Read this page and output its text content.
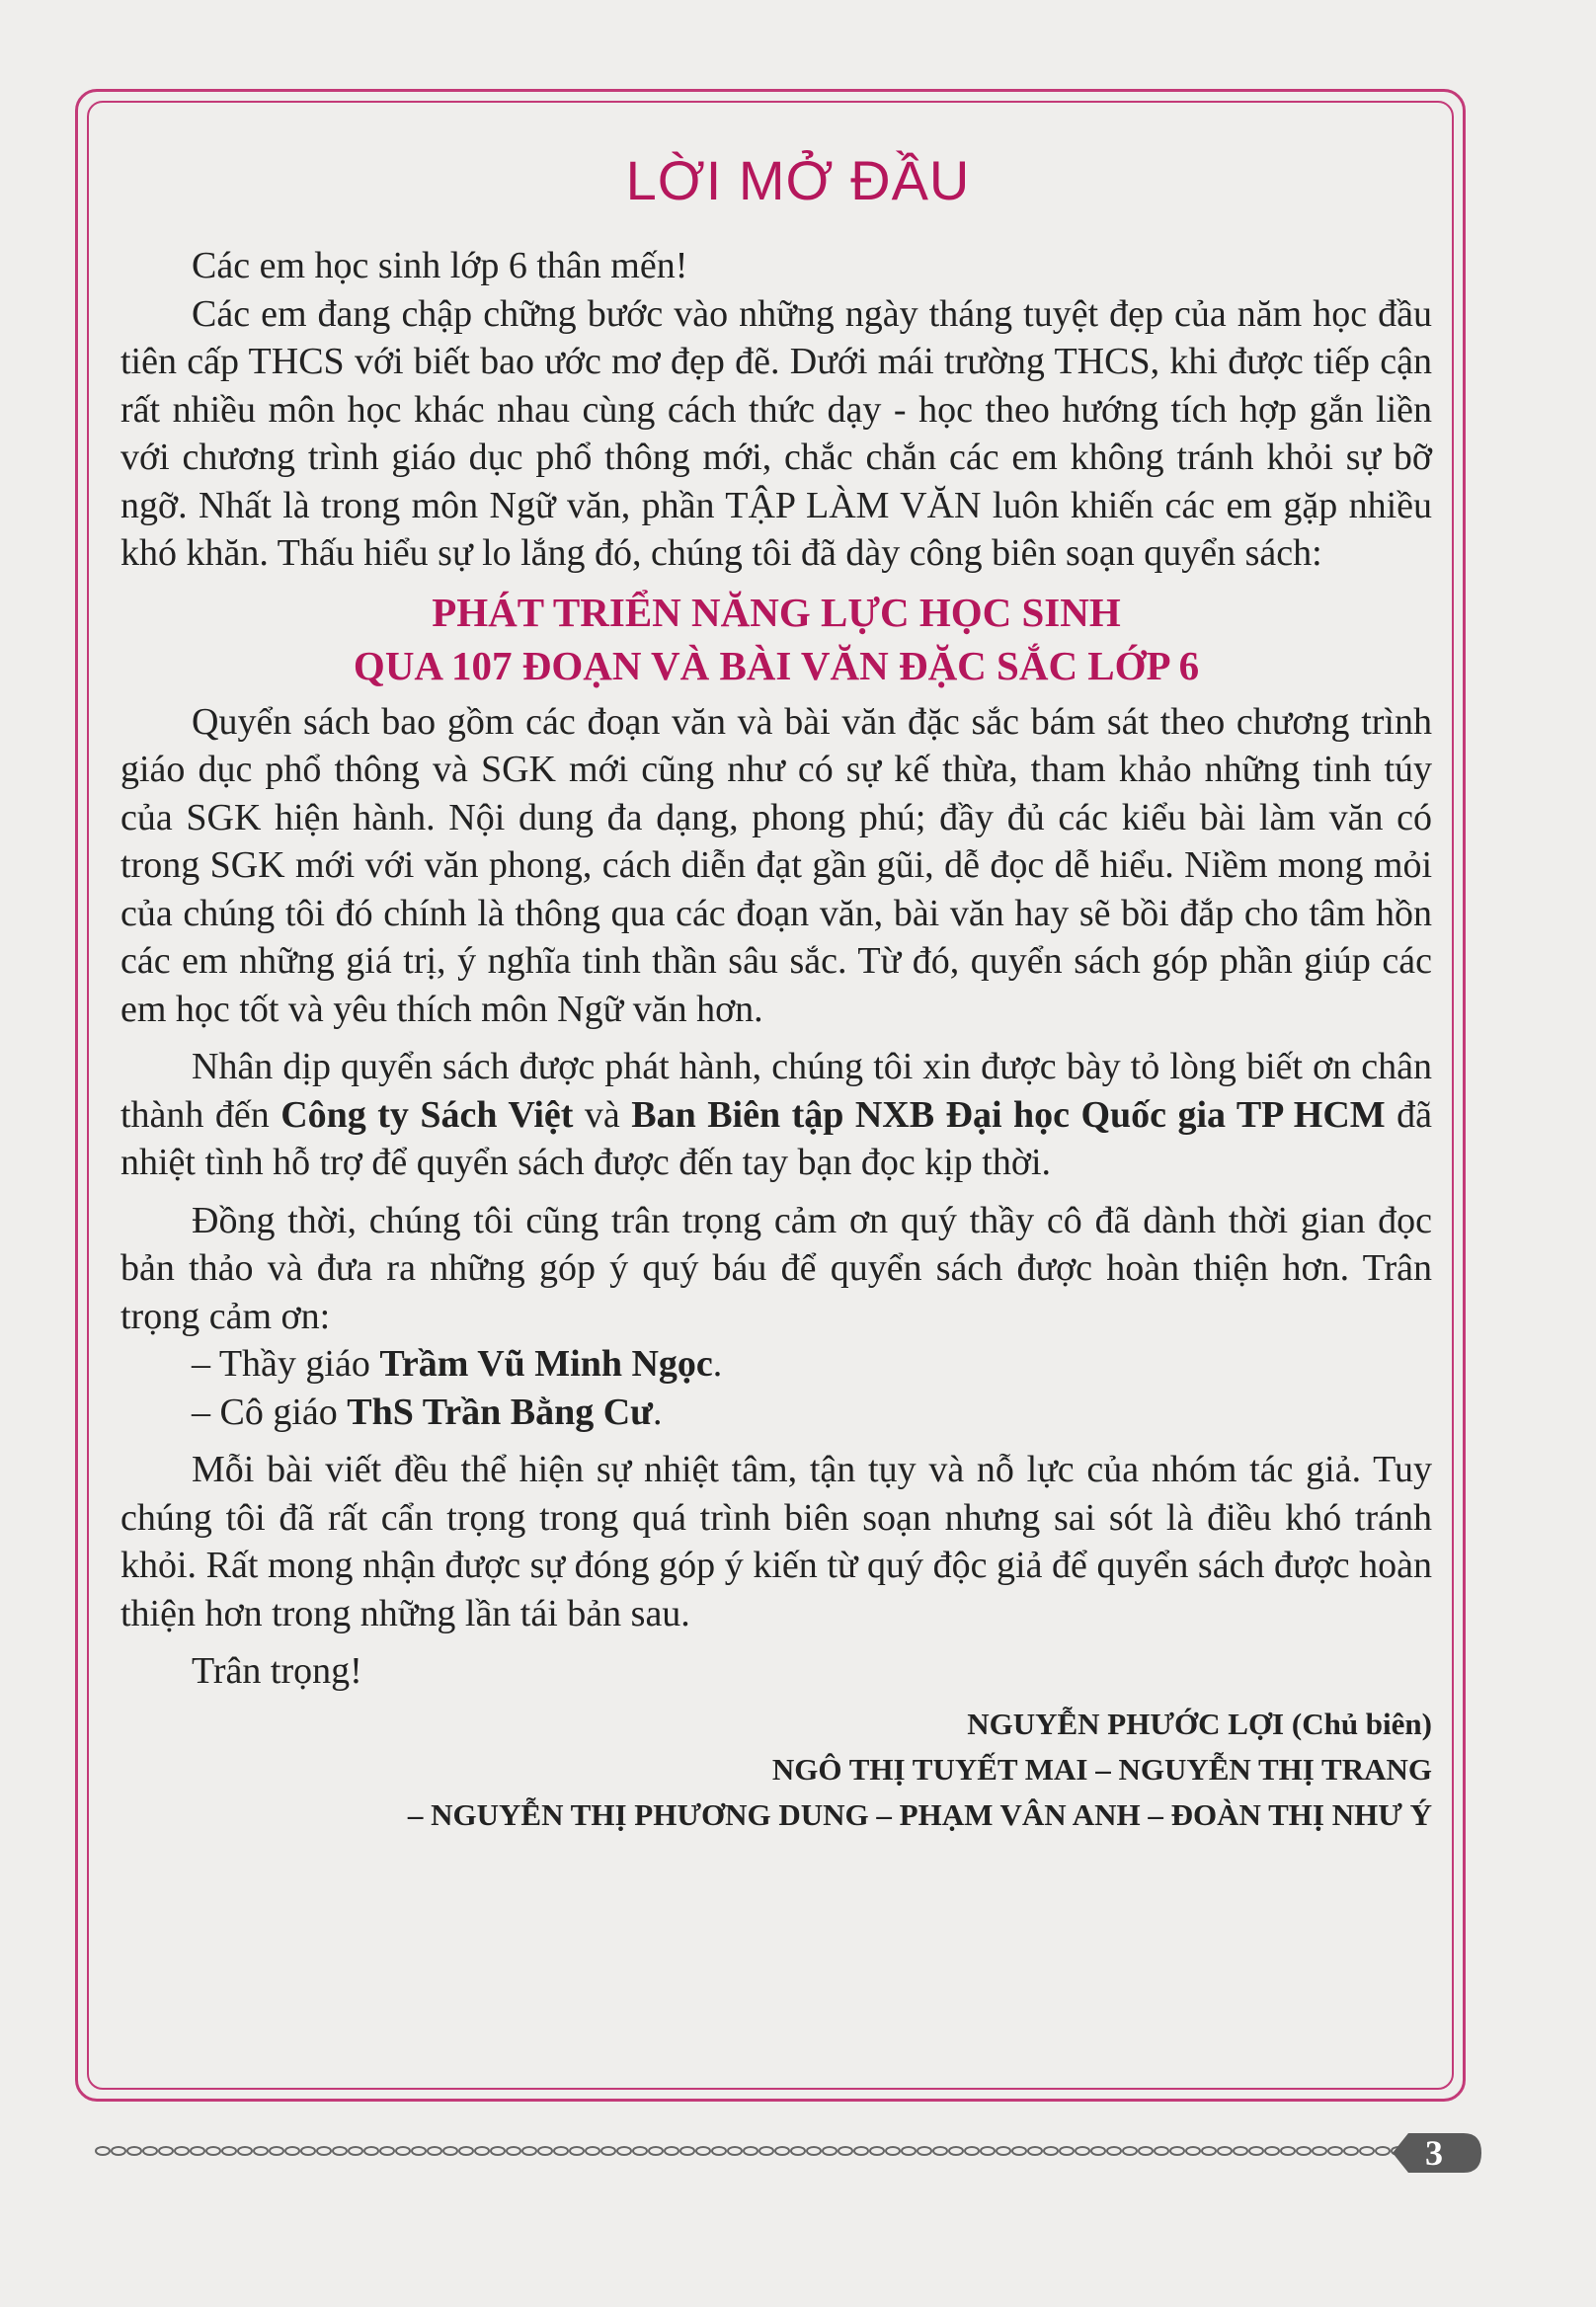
LỜI MỞ ĐẦU

Các em học sinh lớp 6 thân mến!

Các em đang chập chững bước vào những ngày tháng tuyệt đẹp của năm học đầu tiên cấp THCS với biết bao ước mơ đẹp đẽ. Dưới mái trường THCS, khi được tiếp cận rất nhiều môn học khác nhau cùng cách thức dạy - học theo hướng tích hợp gắn liền với chương trình giáo dục phổ thông mới, chắc chắn các em không tránh khỏi sự bỡ ngỡ. Nhất là trong môn Ngữ văn, phần TẬP LÀM VĂN luôn khiến các em gặp nhiều khó khăn. Thấu hiểu sự lo lắng đó, chúng tôi đã dày công biên soạn quyển sách:

PHÁT TRIỂN NĂNG LỰC HỌC SINH
QUA 107 ĐOẠN VÀ BÀI VĂN ĐẶC SẮC LỚP 6

Quyển sách bao gồm các đoạn văn và bài văn đặc sắc bám sát theo chương trình giáo dục phổ thông và SGK mới cũng như có sự kế thừa, tham khảo những tinh túy của SGK hiện hành. Nội dung đa dạng, phong phú; đầy đủ các kiểu bài làm văn có trong SGK mới với văn phong, cách diễn đạt gần gũi, dễ đọc dễ hiểu. Niềm mong mỏi của chúng tôi đó chính là thông qua các đoạn văn, bài văn hay sẽ bồi đắp cho tâm hồn các em những giá trị, ý nghĩa tinh thần sâu sắc. Từ đó, quyển sách góp phần giúp các em học tốt và yêu thích môn Ngữ văn hơn.

Nhân dịp quyển sách được phát hành, chúng tôi xin được bày tỏ lòng biết ơn chân thành đến Công ty Sách Việt và Ban Biên tập NXB Đại học Quốc gia TP HCM đã nhiệt tình hỗ trợ để quyển sách được đến tay bạn đọc kịp thời.

Đồng thời, chúng tôi cũng trân trọng cảm ơn quý thầy cô đã dành thời gian đọc bản thảo và đưa ra những góp ý quý báu để quyển sách được hoàn thiện hơn. Trân trọng cảm ơn:

– Thầy giáo Trầm Vũ Minh Ngọc.

– Cô giáo ThS Trần Bằng Cư.

Mỗi bài viết đều thể hiện sự nhiệt tâm, tận tụy và nỗ lực của nhóm tác giả. Tuy chúng tôi đã rất cẩn trọng trong quá trình biên soạn nhưng sai sót là điều khó tránh khỏi. Rất mong nhận được sự đóng góp ý kiến từ quý độc giả để quyển sách được hoàn thiện hơn trong những lần tái bản sau.

Trân trọng!

NGUYỄN PHƯỚC LỢI (Chủ biên)
NGÔ THỊ TUYẾT MAI – NGUYỄN THỊ TRANG
– NGUYỄN THỊ PHƯƠNG DUNG – PHẠM VÂN ANH – ĐOÀN THỊ NHƯ Ý

3
